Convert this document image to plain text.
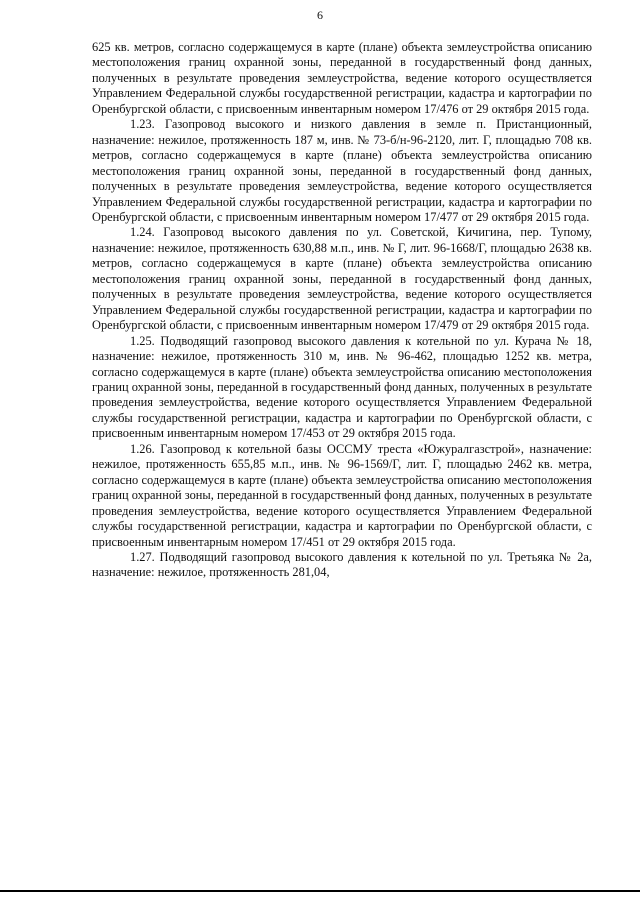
6

625 кв. метров, согласно содержащемуся в карте (плане) объекта землеустройства описанию местоположения границ охранной зоны, переданной в государственный фонд данных, полученных в результате проведения землеустройства, ведение которого осуществляется Управлением Федеральной службы государственной регистрации, кадастра и картографии по Оренбургской области, с присвоенным инвентарным номером 17/476 от 29 октября 2015 года.

1.23. Газопровод высокого и низкого давления в земле п. Пристанционный, назначение: нежилое, протяженность 187 м, инв. № 73-б/н-96-2120, лит. Г, площадью 708 кв. метров, согласно содержащемуся в карте (плане) объекта землеустройства описанию местоположения границ охранной зоны, переданной в государственный фонд данных, полученных в результате проведения землеустройства, ведение которого осуществляется Управлением Федеральной службы государственной регистрации, кадастра и картографии по Оренбургской области, с присвоенным инвентарным номером 17/477 от 29 октября 2015 года.

1.24. Газопровод высокого давления по ул. Советской, Кичигина, пер. Тупому, назначение: нежилое, протяженность 630,88 м.п., инв. № Г, лит. 96-1668/Г, площадью 2638 кв. метров, согласно содержащемуся в карте (плане) объекта землеустройства описанию местоположения границ охранной зоны, переданной в государственный фонд данных, полученных в результате проведения землеустройства, ведение которого осуществляется Управлением Федеральной службы государственной регистрации, кадастра и картографии по Оренбургской области, с присвоенным инвентарным номером 17/479 от 29 октября 2015 года.

1.25. Подводящий газопровод высокого давления к котельной по ул. Курача № 18, назначение: нежилое, протяженность 310 м, инв. № 96-462, площадью 1252 кв. метра, согласно содержащемуся в карте (плане) объекта землеустройства описанию местоположения границ охранной зоны, переданной в государственный фонд данных, полученных в результате проведения землеустройства, ведение которого осуществляется Управлением Федеральной службы государственной регистрации, кадастра и картографии по Оренбургской области, с присвоенным инвентарным номером 17/453 от 29 октября 2015 года.

1.26. Газопровод к котельной базы ОССМУ треста «Южуралгазстрой», назначение: нежилое, протяженность 655,85 м.п., инв. № 96-1569/Г, лит. Г, площадью 2462 кв. метра, согласно содержащемуся в карте (плане) объекта землеустройства описанию местоположения границ охранной зоны, переданной в государственный фонд данных, полученных в результате проведения землеустройства, ведение которого осуществляется Управлением Федеральной службы государственной регистрации, кадастра и картографии по Оренбургской области, с присвоенным инвентарным номером 17/451 от 29 октября 2015 года.

1.27. Подводящий газопровод высокого давления к котельной по ул. Третьяка № 2а, назначение: нежилое, протяженность 281,04,
